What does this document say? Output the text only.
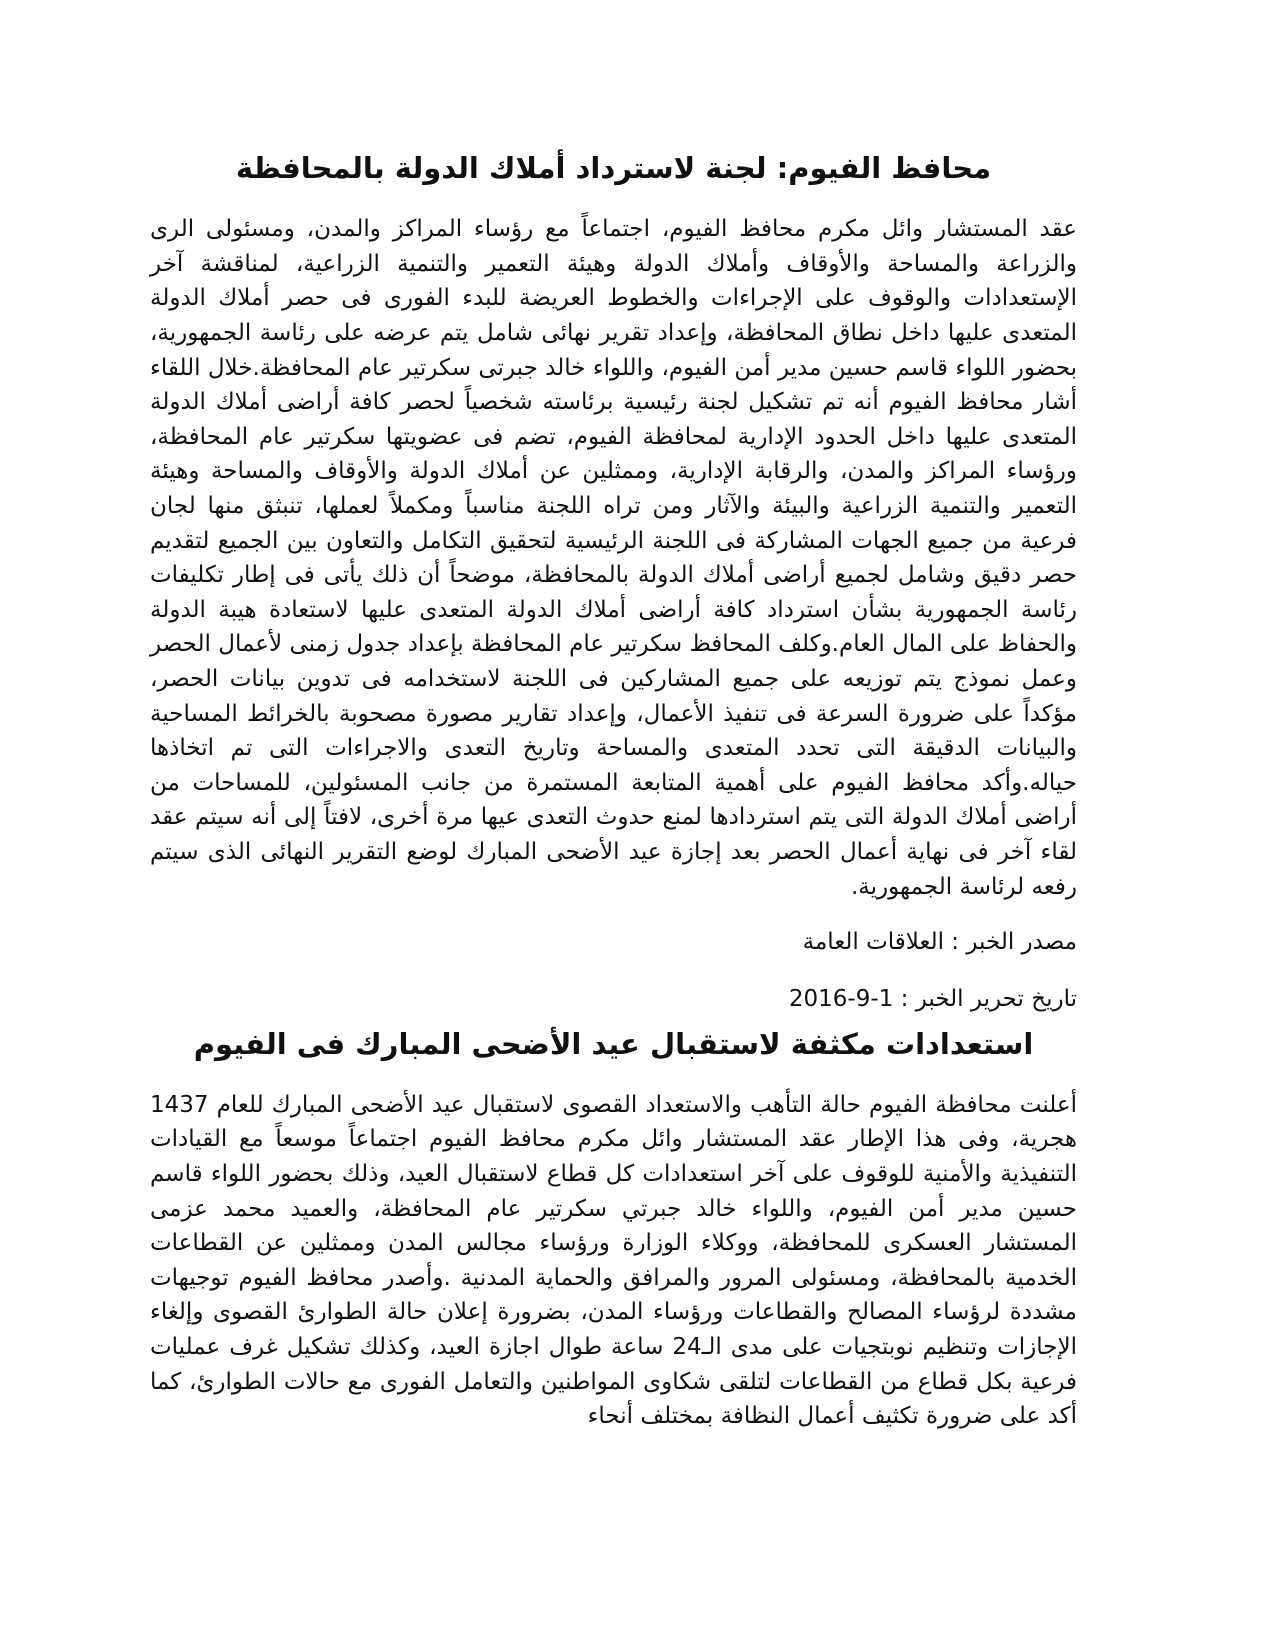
محافظ الفيوم: لجنة لاسترداد أملاك الدولة بالمحافظة

عقد المستشار وائل مكرم محافظ الفيوم، اجتماعاً مع رؤساء المراكز والمدن، ومسئولى الرى والزراعة والمساحة والأوقاف وأملاك الدولة وهيئة التعمير والتنمية الزراعية، لمناقشة آخر الإستعدادات والوقوف على الإجراءات والخطوط العريضة للبدء الفورى فى حصر أملاك الدولة المتعدى عليها داخل نطاق المحافظة، وإعداد تقرير نهائى شامل يتم عرضه على رئاسة الجمهورية، بحضور اللواء قاسم حسين مدير أمن الفيوم، واللواء خالد جبرتى سكرتير عام المحافظة.خلال اللقاء أشار محافظ الفيوم أنه تم تشكيل لجنة رئيسية برئاسته شخصياً لحصر كافة أراضى أملاك الدولة المتعدى عليها داخل الحدود الإدارية لمحافظة الفيوم، تضم فى عضويتها سكرتير عام المحافظة، ورؤساء المراكز والمدن، والرقابة الإدارية، وممثلين عن أملاك الدولة والأوقاف والمساحة وهيئة التعمير والتنمية الزراعية والبيئة والآثار ومن تراه اللجنة مناسباً ومكملاً لعملها، تنبثق منها لجان فرعية من جميع الجهات المشاركة فى اللجنة الرئيسية لتحقيق التكامل والتعاون بين الجميع لتقديم حصر دقيق وشامل لجميع أراضى أملاك الدولة بالمحافظة، موضحاً أن ذلك يأتى فى إطار تكليفات رئاسة الجمهورية بشأن استرداد كافة أراضى أملاك الدولة المتعدى عليها لاستعادة هيبة الدولة والحفاظ على المال العام.وكلف المحافظ سكرتير عام المحافظة بإعداد جدول زمنى لأعمال الحصر وعمل نموذج يتم توزيعه على جميع المشاركين فى اللجنة لاستخدامه فى تدوين بيانات الحصر، مؤكداً على ضرورة السرعة فى تنفيذ الأعمال، وإعداد تقارير مصورة مصحوبة بالخرائط المساحية والبيانات الدقيقة التى تحدد المتعدى والمساحة وتاريخ التعدى والاجراءات التى تم اتخاذها حياله.وأكد محافظ الفيوم على أهمية المتابعة المستمرة من جانب المسئولين، للمساحات من أراضى أملاك الدولة التى يتم استردادها لمنع حدوث التعدى عيها مرة أخرى، لافتاً إلى أنه سيتم عقد لقاء آخر فى نهاية أعمال الحصر بعد إجازة عيد الأضحى المبارك لوضع التقرير النهائى الذى سيتم رفعه لرئاسة الجمهورية.

مصدر الخبر : العلاقات العامة

تاريخ تحرير الخبر : 1-9-2016

استعدادات مكثفة لاستقبال عيد الأضحى المبارك فى الفيوم

أعلنت محافظة الفيوم حالة التأهب والاستعداد القصوى لاستقبال عيد الأضحى المبارك للعام 1437 هجرية، وفى هذا الإطار عقد المستشار وائل مكرم محافظ الفيوم اجتماعاً موسعاً مع القيادات التنفيذية والأمنية للوقوف على آخر استعدادات كل قطاع لاستقبال العيد، وذلك بحضور اللواء قاسم حسين مدير أمن الفيوم، واللواء خالد جبرتي سكرتير عام المحافظة، والعميد محمد عزمى المستشار العسكرى للمحافظة، ووكلاء الوزارة ورؤساء مجالس المدن وممثلين عن القطاعات الخدمية بالمحافظة، ومسئولى المرور والمرافق والحماية المدنية .وأصدر محافظ الفيوم توجيهات مشددة لرؤساء المصالح والقطاعات ورؤساء المدن، بضرورة إعلان حالة الطوارئ القصوى وإلغاء الإجازات وتنظيم نوبتجيات على مدى الـ24 ساعة طوال اجازة العيد، وكذلك تشكيل غرف عمليات فرعية بكل قطاع من القطاعات لتلقى شكاوى المواطنين والتعامل الفورى مع حالات الطوارئ، كما أكد على ضرورة تكثيف أعمال النظافة بمختلف أنحاء
